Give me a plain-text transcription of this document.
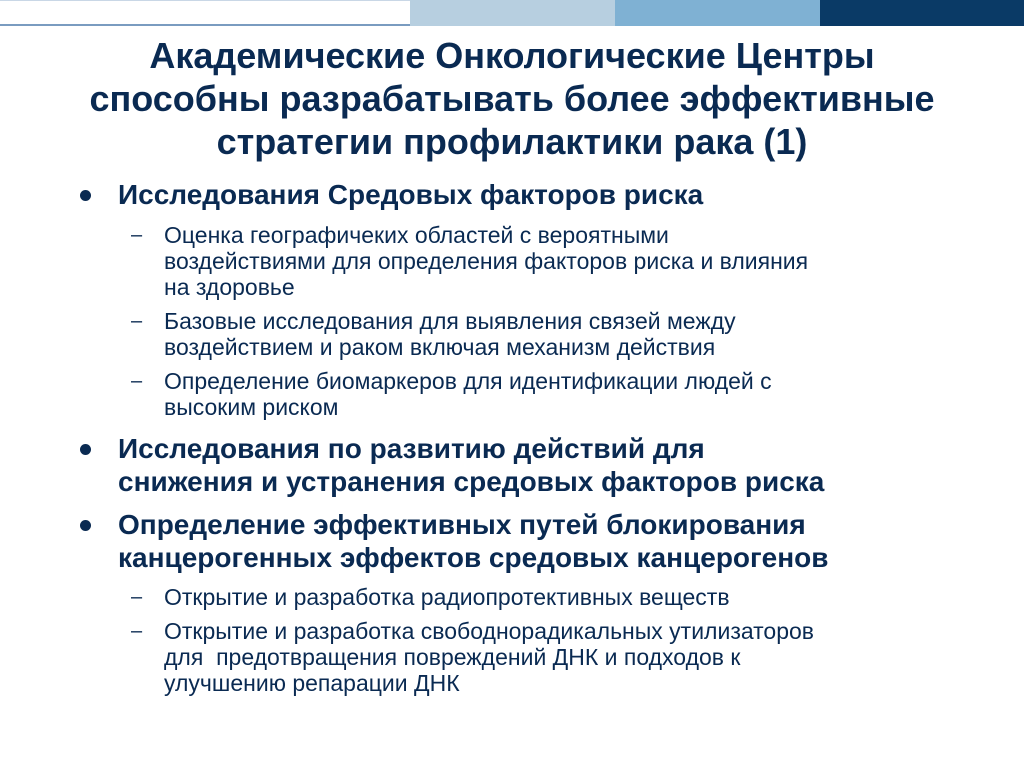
Академические Онкологические Центры
способны разрабатывать более эффективные
стратегии профилактики рака (1)
Исследования Средовых факторов риска
– Оценка географичеких областей с вероятными
воздействиями для определения факторов риска и влияния
на здоровье
– Базовые исследования для выявления связей между
воздействием и раком включая механизм действия
– Определение биомаркеров для идентификации людей с
высоким риском
Исследования по развитию действий для
снижения и устранения средовых факторов риска
Определение эффективных путей блокирования
канцерогенных эффектов средовых канцерогенов
– Открытие и разработка радиопротективных веществ
– Открытие и разработка свободнорадикальных утилизаторов
для  предотвращения повреждений ДНК и подходов к
улучшению репарации ДНК
